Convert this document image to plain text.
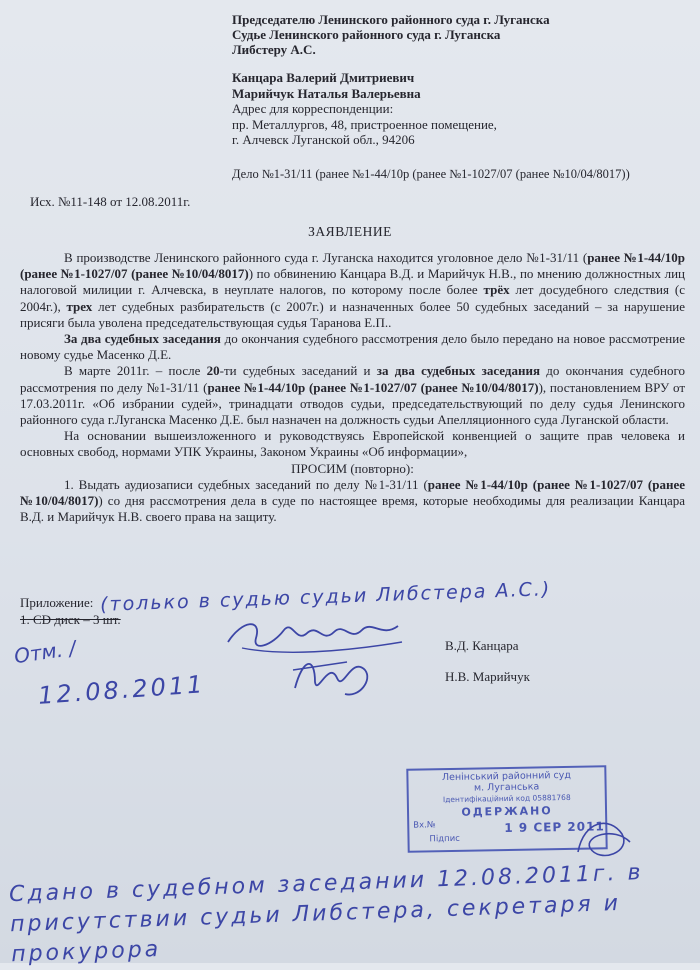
Председателю Ленинского районного суда г. Луганска
Судье Ленинского районного суда г. Луганска
Либстеру А.С.
Канцара Валерий Дмитриевич
Марийчук Наталья Валерьевна
Адрес для корреспонденции:
пр. Металлургов, 48, пристроенное помещение,
г. Алчевск Луганской обл., 94206
Дело №1-31/11 (ранее №1-44/10р (ранее №1-1027/07 (ранее №10/04/8017))
Исх. №11-148 от 12.08.2011г.
ЗАЯВЛЕНИЕ

В производстве Ленинского районного суда г. Луганска находится уголовное дело №1-31/11 (ранее №1-44/10р (ранее №1-1027/07 (ранее №10/04/8017)) по обвинению Канцара В.Д. и Марийчук Н.В., по мнению должностных лиц налоговой милиции г. Алчевска, в неуплате налогов, по которому после более трёх лет досудебного следствия (с 2004г.), трех лет судебных разбирательств (с 2007г.) и назначенных более 50 судебных заседаний – за нарушение присяги была уволена председательствующая судья Таранова Е.П..

За два судебных заседания до окончания судебного рассмотрения дело было передано на новое рассмотрение новому судье Масенко Д.Е.

В марте 2011г. – после 20-ти судебных заседаний и за два судебных заседания до окончания судебного рассмотрения по делу №1-31/11 (ранее №1-44/10р (ранее №1-1027/07 (ранее №10/04/8017)), постановлением ВРУ от 17.03.2011г. «Об избрании судей», тринадцати отводов судьи, председательствующий по делу судья Ленинского районного суда г.Луганска Масенко Д.Е. был назначен на должность судьи Апелляционного суда Луганской области.

На основании вышеизложенного и руководствуясь Европейской конвенцией о защите прав человека и основных свобод, нормами УПК Украины, Законом Украины «Об информации»,

ПРОСИМ (повторно):

1. Выдать аудиозаписи судебных заседаний по делу №1-31/11 (ранее №1-44/10р (ранее №1-1027/07 (ранее №10/04/8017)) со дня рассмотрения дела в суде по настоящее время, которые необходимы для реализации Канцара В.Д. и Марийчук Н.В. своего права на защиту.

Приложение:
1. CD диск – 3 шт.
(только в судью судьи Либстера А.С.)
Отм. /
12.08.2011
В.Д. Канцара
Н.В. Марийчук
Ленінський районний суд
м. Луганська
Ідентифікаційний код 05881768
ОДЕРЖАНО
Вх.№
Підпис
1 9 СЕР 2011
Сдано в судебном заседании 12.08.2011г. в присутствии судьи Либстера, секретаря и прокурора
